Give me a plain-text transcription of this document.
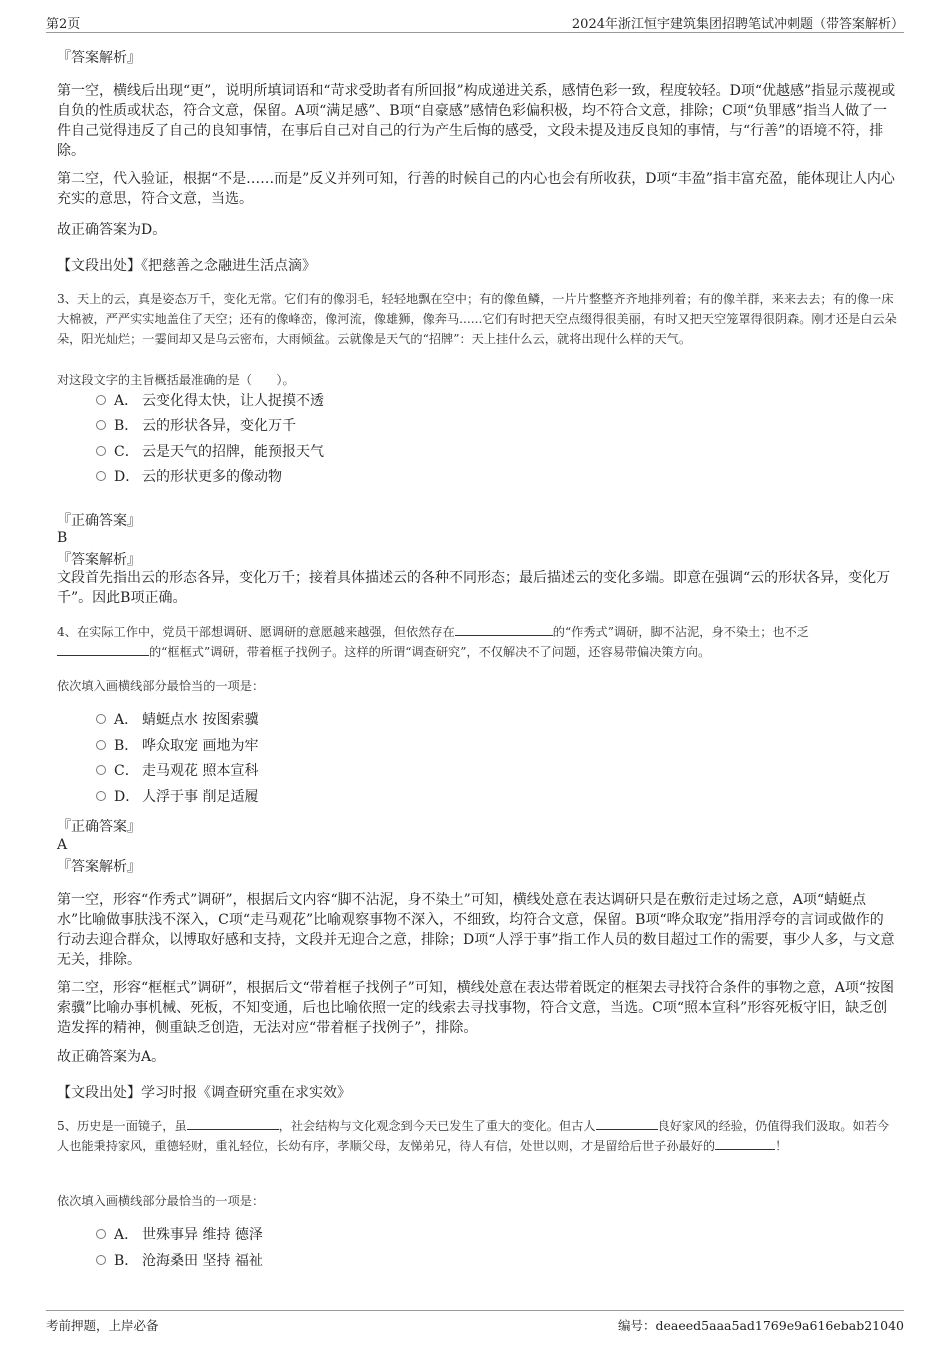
第2页	2024年浙江恒宇建筑集团招聘笔试冲刺题（带答案解析）
『答案解析』
第一空，横线后出现“更”，说明所填词语和“苛求受助者有所回报”构成递进关系，感情色彩一致，程度较轻。D项“优越感”指显示蔑视或自负的性质或状态，符合文意，保留。A项“满足感”、B项“自豪感”感情色彩偏积极，均不符合文意，排除；C项“负罪感”指当人做了一件自己觉得违反了自己的良知事情，在事后自己对自己的行为产生后悔的感受，文段未提及违反良知的事情，与“行善”的语境不符，排除。
第二空，代入验证，根据“不是……而是”反义并列可知，行善的时候自己的内心也会有所收获，D项“丰盈”指丰富充盈，能体现让人内心充实的意思，符合文意，当选。
故正确答案为D。
【文段出处】《把慈善之念融进生活点滴》
3、天上的云，真是姿态万千，变化无常。它们有的像羽毛，轻轻地飘在空中；有的像鱼鳞，一片片整整齐齐地排列着；有的像羊群，来来去去；有的像一床大棉被，严严实实地盖住了天空；还有的像峰峦，像河流，像雄狮，像奔马......它们有时把天空点缀得很美丽，有时又把天空笼罩得很阴森。刚才还是白云朵朵，阳光灿烂；一霎间却又是乌云密布，大雨倾盆。云就像是天气的“招牌”：天上挂什么云，就将出现什么样的天气。
对这段文字的主旨概括最准确的是（　　）。
A． 云变化得太快，让人捉摸不透
B． 云的形状各异，变化万千
C． 云是天气的招牌，能预报天气
D． 云的形状更多的像动物
『正确答案』
B
『答案解析』
文段首先指出云的形态各异，变化万千；接着具体描述云的各种不同形态；最后描述云的变化多端。即意在强调“云的形状各异，变化万千”。因此B项正确。
4、在实际工作中，党员干部想调研、愿调研的意愿越来越强，但依然存在	的“作秀式”调研，脚不沾泥，身不染土；也不乏的“框框式”调研，带着框子找例子。这样的所谓“调查研究”，不仅解决不了问题，还容易带偏决策方向。
依次填入画横线部分最恰当的一项是：
A． 蜻蜓点水 按图索骥
B． 哗众取宠 画地为牢
C． 走马观花 照本宣科
D． 人浮于事 削足适履
『正确答案』
A
『答案解析』
第一空，形容“作秀式”调研”，根据后文内容“脚不沾泥，身不染土”可知，横线处意在表达调研只是在敷衍走过场之意，A项“蜻蜓点水”比喻做事肤浅不深入，C项“走马观花”比喻观察事物不深入，不细致，均符合文意，保留。B项“哗众取宠”指用浮夸的言词或做作的行动去迎合群众，以博取好感和支持，文段并无迎合之意，排除；D项“人浮于事”指工作人员的数目超过工作的需要，事少人多，与文意无关，排除。
第二空，形容“框框式”调研”，根据后文“带着框子找例子”可知，横线处意在表达带着既定的框架去寻找符合条件的事物之意，A项“按图索骥”比喻办事机械、死板，不知变通，后也比喻依照一定的线索去寻找事物，符合文意，当选。C项“照本宣科”形容死板守旧，缺乏创造发挥的精神，侧重缺乏创造，无法对应“带着框子找例子”，排除。
故正确答案为A。
【文段出处】学习时报《调查研究重在求实效》
5、历史是一面镜子，虽	，社会结构与文化观念到今天已发生了重大的变化。但古人	良好家风的经验，仍值得我们汲取。如若今人也能秉持家风，重德轻财，重礼轻位，长幼有序，孝顺父母，友悌弟兄，待人有信，处世以则，才是留给后世子孙最好的	！
依次填入画横线部分最恰当的一项是：
A． 世殊事异 维持 德泽
B． 沧海桑田 坚持 福祉
考前押题，上岸必备	编号：deaeed5aaa5ad1769e9a616ebab21040
